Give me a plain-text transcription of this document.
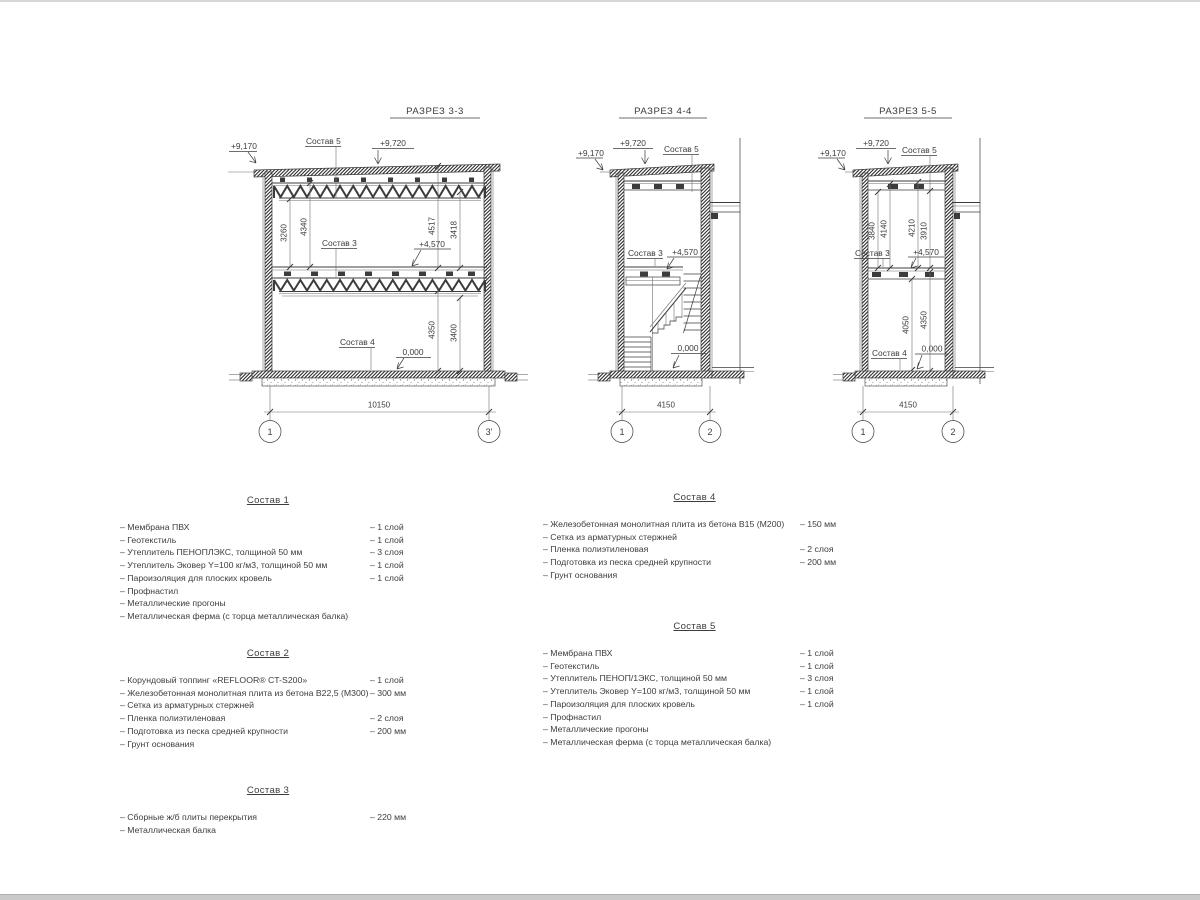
РАЗРЕЗ 3-3
+9,170	+9,720
Состав 5
Состав 3	+4,570
Состав 4
0,000
3260 4340	4517 3418
4350 3400
10150
1	3'
РАЗРЕЗ 4-4
+9,170
+9,720
Состав 5
Состав 3 +4,570
0,000
4150
1	2
РАЗРЕЗ 5-5
+9,170
+9,720
Состав 5
Состав 3	+4,570
Состав 4 0,000
3840 4140 4210 3910
4050 4350
4150
1	2
Состав 1
– Мембрана ПВХ	– 1 слой
– Геотекстиль	– 1 слой
– Утеплитель ПЕНОПЛЭКС, толщиной 50 мм	– 3 слоя
– Утеплитель Эковер Y=100 кг/м3, толщиной 50 мм	– 1 слой
– Пароизоляция для плоских кровель	– 1 слой
– Профнастил
– Металлические прогоны
– Металлическая ферма (с торца металлическая балка)
Состав 2
– Корундовый топпинг «REFLOOR® CT-S200»	– 1 слой
– Железобетонная монолитная плита из бетона В22,5 (М300) – 300 мм
– Сетка из арматурных стержней
– Пленка полиэтиленовая	– 2 слоя
– Подготовка из песка средней крупности	– 200 мм
– Грунт основания
Состав 3
– Сборные ж/б плиты перекрытия	– 220 мм
– Металлическая балка
Состав 4
– Железобетонная монолитная плита из бетона В15 (М200)	– 150 мм
– Сетка из арматурных стержней
– Пленка полиэтиленовая	– 2 слоя
– Подготовка из песка средней крупности	– 200 мм
– Грунт основания
Состав 5
– Мембрана ПВХ	– 1 слой
– Геотекстиль	– 1 слой
– Утеплитель ПЕНОП/1ЭКС, толщиной 50 мм	– 3 слоя
– Утеплитель Эковер Y=100 кг/м3, толщиной 50 мм	– 1 слой
– Пароизоляция для плоских кровель	– 1 слой
– Профнастил
– Металлические прогоны
– Металлическая ферма (с торца металлическая балка)
